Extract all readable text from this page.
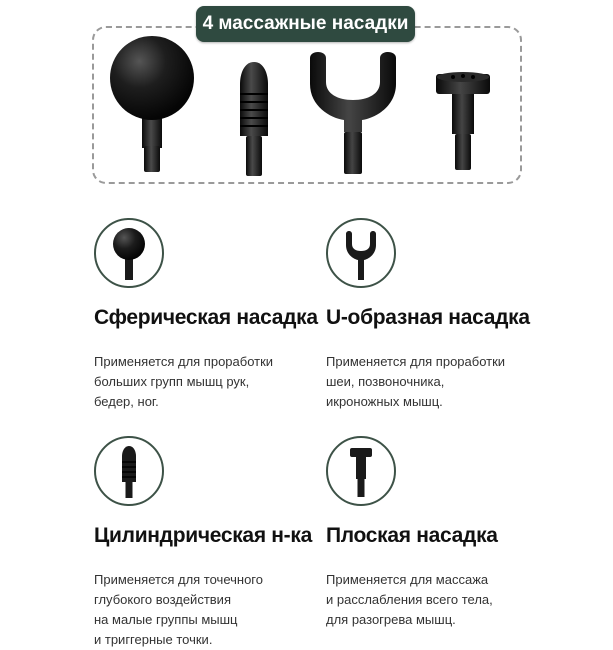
4 массажные насадки
Сферическая насадка
Применяется для проработки
больших групп мышц рук,
бедер, ног.
U-образная насадка
Применяется для проработки
шеи, позвоночника,
икроножных мышц.
Цилиндрическая н-ка
Применяется для точечного
глубокого воздействия
на малые группы мышц
и триггерные точки.
Плоская насадка
Применяется для массажа
и расслабления всего тела,
для разогрева мышц.
